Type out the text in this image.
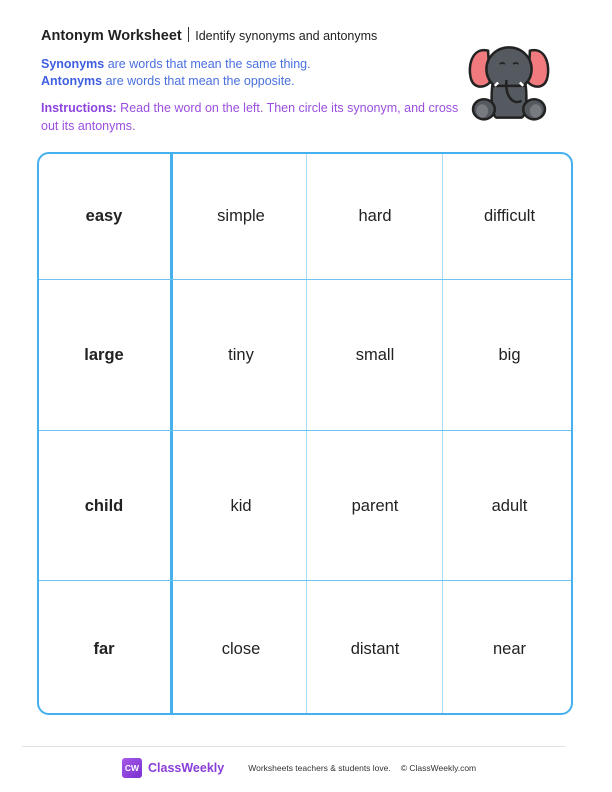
Antonym Worksheet Identify synonyms and antonyms
Synonyms are words that mean the same thing.
Antonyms are words that mean the opposite.
Instructions: Read the word on the left. Then circle its synonym, and cross out its antonyms.
easy	simple	hard	difficult
large	tiny	small	big
child	kid	parent	adult
far	close	distant	near
CW ClassWeekly	Worksheets teachers & students love. © ClassWeekly.com
